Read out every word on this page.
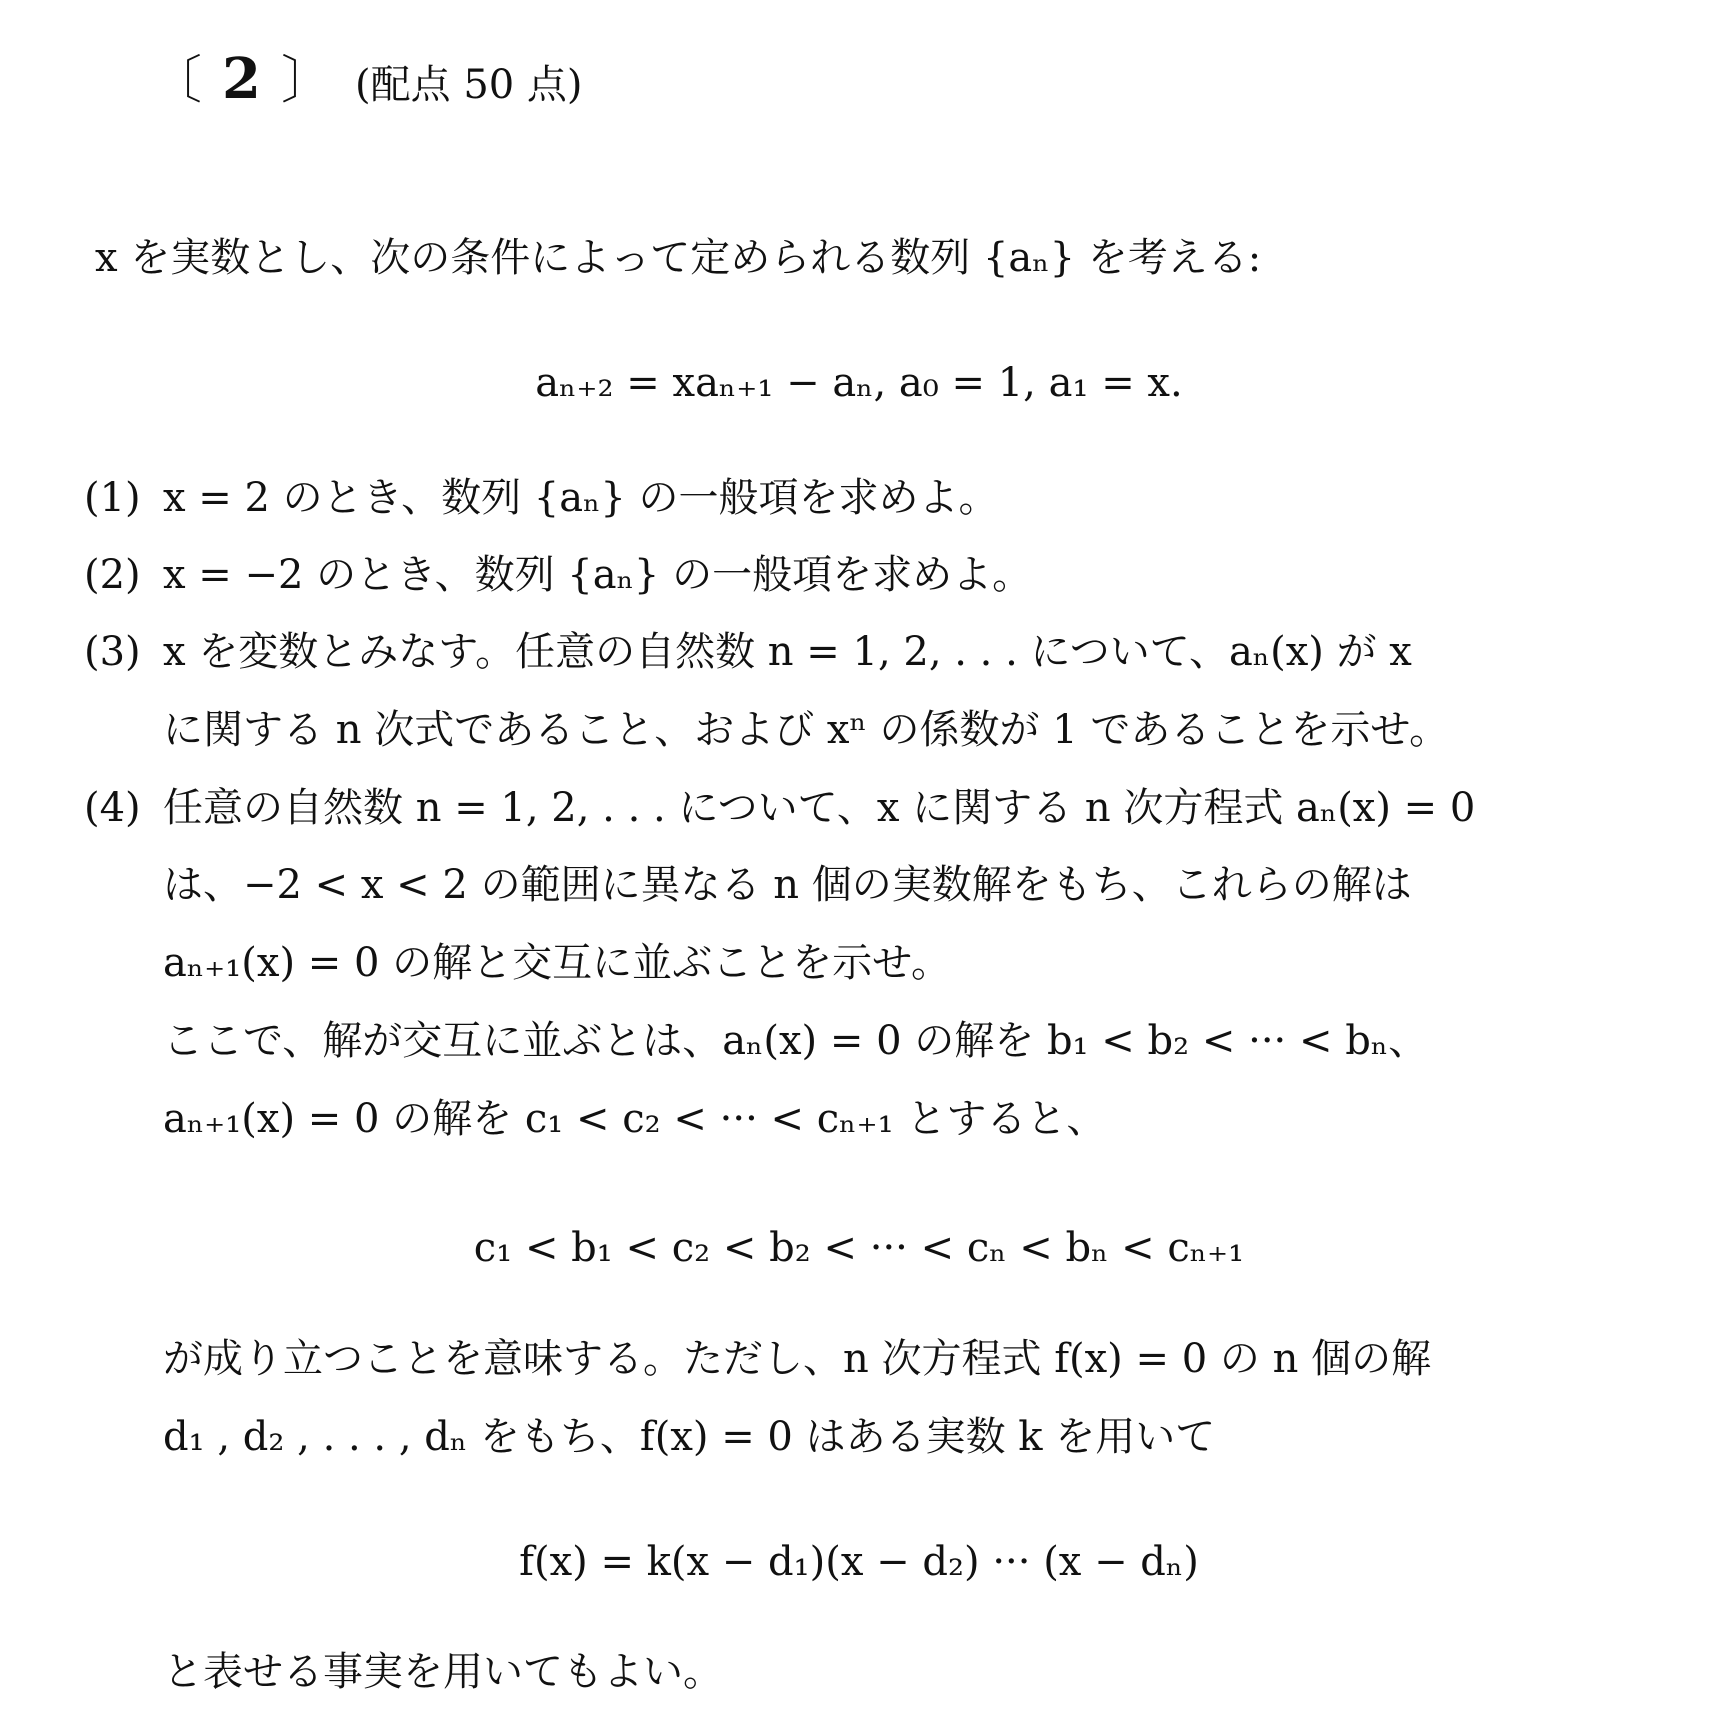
〔 2 〕 (配点 50 点)
x を実数とし、次の条件によって定められる数列 {aₙ} を考える:
aₙ₊₂ = xaₙ₊₁ − aₙ, a₀ = 1, a₁ = x.
(1) x = 2 のとき、数列 {aₙ} の一般項を求めよ。
(2) x = −2 のとき、数列 {aₙ} の一般項を求めよ。
(3) x を変数とみなす。任意の自然数 n = 1, 2, . . . について、aₙ(x) が x
に関する n 次式であること、および xⁿ の係数が 1 であることを示せ。
(4) 任意の自然数 n = 1, 2, . . . について、x に関する n 次方程式 aₙ(x) = 0
は、−2 < x < 2 の範囲に異なる n 個の実数解をもち、これらの解は
aₙ₊₁(x) = 0 の解と交互に並ぶことを示せ。
ここで、解が交互に並ぶとは、aₙ(x) = 0 の解を b₁ < b₂ < ··· < bₙ、
aₙ₊₁(x) = 0 の解を c₁ < c₂ < ··· < cₙ₊₁ とすると、
c₁ < b₁ < c₂ < b₂ < ··· < cₙ < bₙ < cₙ₊₁
が成り立つことを意味する。ただし、n 次方程式 f(x) = 0 の n 個の解
d₁ , d₂ , . . . , dₙ をもち、f(x) = 0 はある実数 k を用いて
f(x) = k(x − d₁)(x − d₂) ··· (x − dₙ)
と表せる事実を用いてもよい。
